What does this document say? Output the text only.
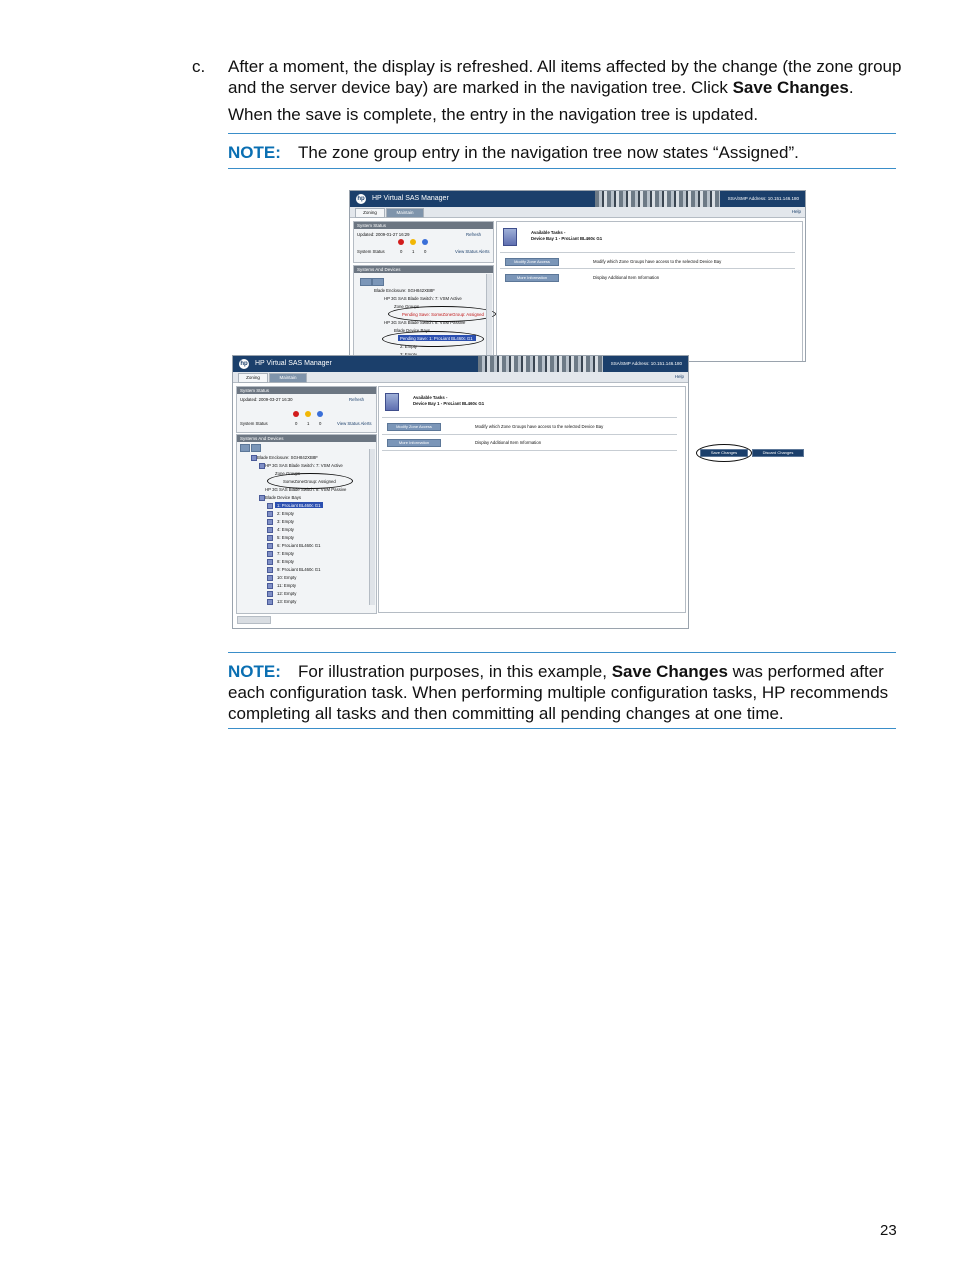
c. After a moment, the display is refreshed. All items affected by the change (the zone group
and the server device bay) are marked in the navigation tree. Click Save Changes.
When the save is complete, the entry in the navigation tree is updated.
NOTE: The zone group entry in the navigation tree now states “Assigned”.
hp HP Virtual SAS Manager	SSA/SMP Address: 10.151.146.180
Zoning	Maintain	Help
System Status
Updated: 2009-01-27 16:29	Refresh
System Status	0 1 0	View Status Alerts
Systems And Devices
Blade Enclosure: SGH842XB8F
HP 3G SAS Blade Switch: 7: VSM Active
Zone Groups
Pending Save: SomeZoneGroup: Assigned
HP 3G SAS Blade Switch: 8: VSM Passive
Blade Device Bays
Pending Save: 1: ProLiant BL460c G1
2: Empty
Available Tasks -
Device Bay 1 - ProLiant BL460c G1
Modify Zone Access	Modify which Zone Groups have access to the selected Device Bay
More Information	Display Additional Item Information
hp HP Virtual SAS Manager	SSA/SMP Address: 10.151.146.180
Zoning	Maintain	Help
System Status
Updated: 2009-03-27 16:30	Refresh
System Status	0 1 0	View Status Alerts
Systems And Devices
Blade Enclosure: SGH842XB8F
HP 3G SAS Blade Switch: 7: VSM Active
Zone Groups
SomeZoneGroup: Assigned
HP 3G SAS Blade Switch: 8: VSM Passive
Blade Device Bays
1: ProLiant BL460c G1
2: Empty
3: Empty
4: Empty
5: Empty
6: ProLiant BL460c G1
7: Empty
8: Empty
9: ProLiant BL460c G1
10: Empty
11: Empty
12: Empty
13: Empty
Available Tasks -
Device Bay 1 - ProLiant BL460c G1
Modify Zone Access	Modify which Zone Groups have access to the selected Device Bay
More Information	Display Additional Item Information
Save Changes	Discard Changes
NOTE: For illustration purposes, in this example, Save Changes was performed after
each configuration task. When performing multiple configuration tasks, HP recommends
completing all tasks and then committing all pending changes at one time.
23
